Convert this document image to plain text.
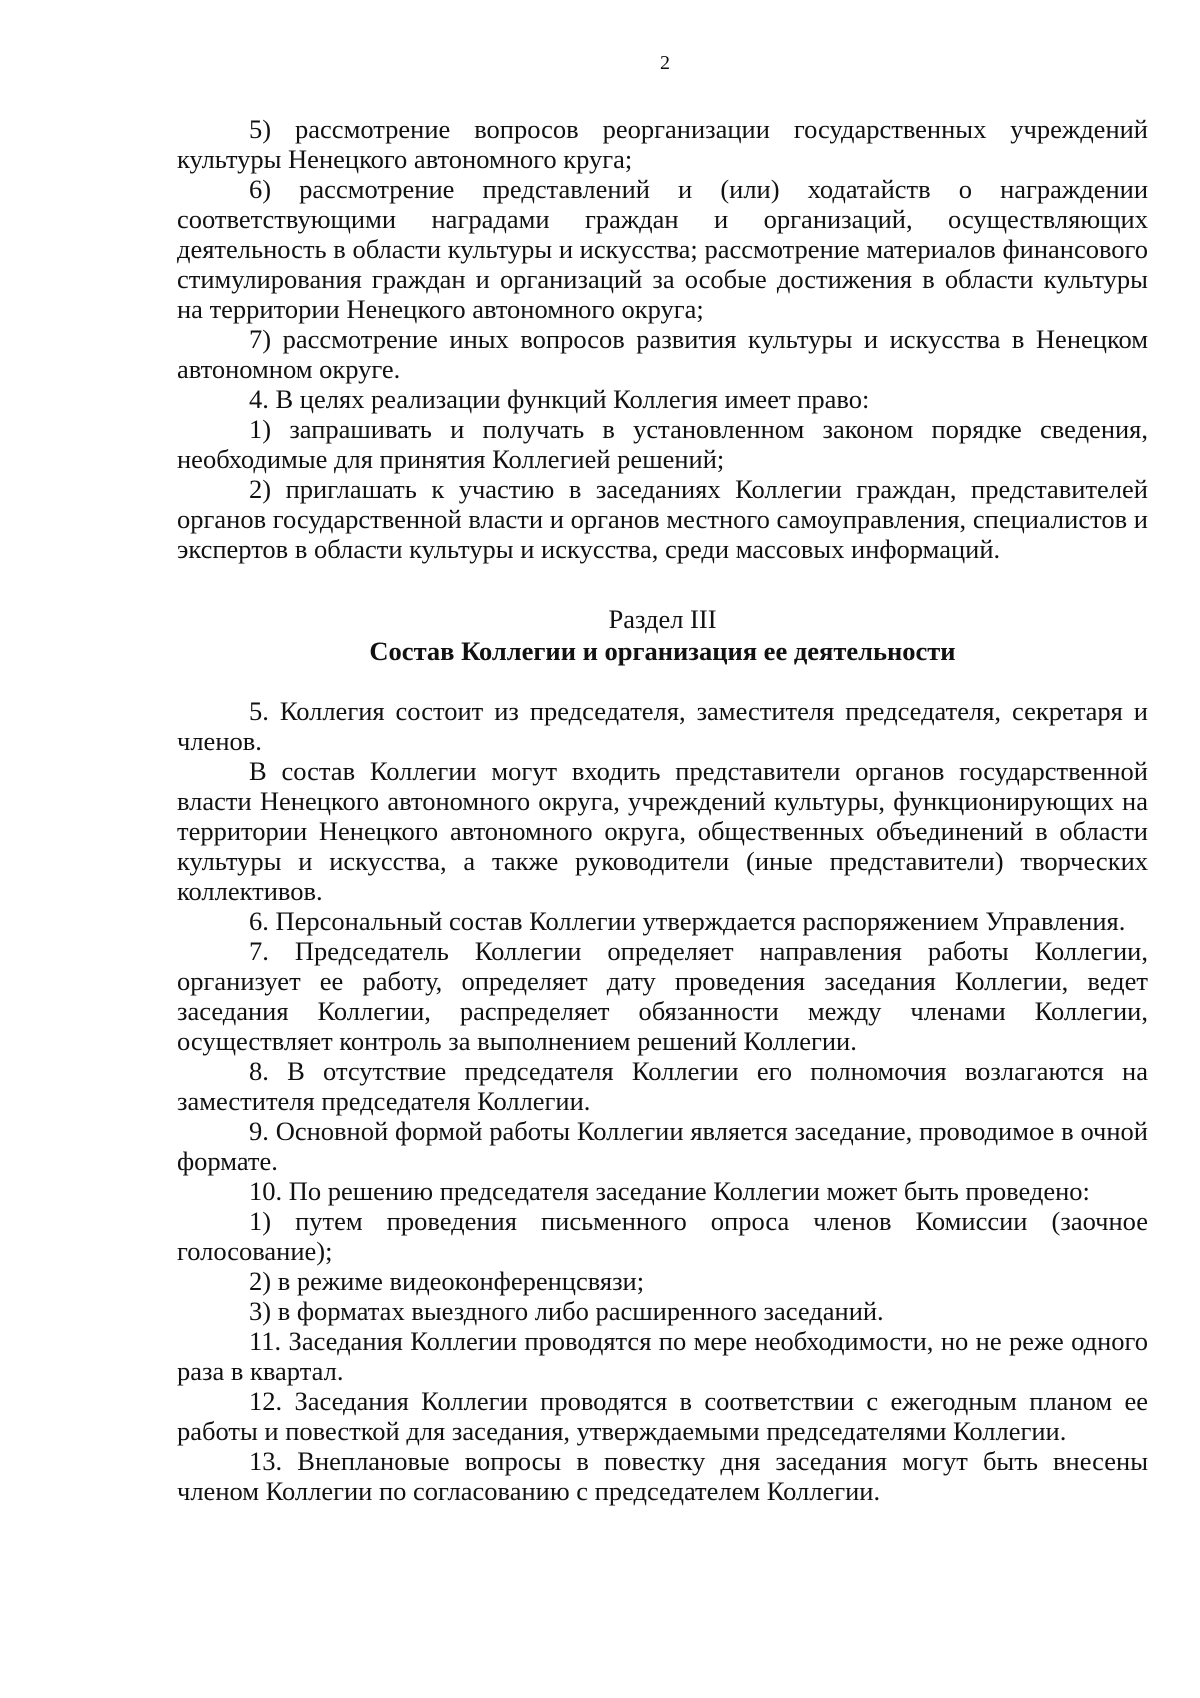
2

5) рассмотрение вопросов реорганизации государственных учреждений культуры Ненецкого автономного круга;

6) рассмотрение представлений и (или) ходатайств о награждении соответствующими наградами граждан и организаций, осуществляющих деятельность в области культуры и искусства; рассмотрение материалов финансового стимулирования граждан и организаций за особые достижения в области культуры на территории Ненецкого автономного округа;

7) рассмотрение иных вопросов развития культуры и искусства в Ненецком автономном округе.

4. В целях реализации функций Коллегия имеет право:

1) запрашивать и получать в установленном законом порядке сведения, необходимые для принятия Коллегией решений;

2) приглашать к участию в заседаниях Коллегии граждан, представителей органов государственной власти и органов местного самоуправления, специалистов и экспертов в области культуры и искусства, среди массовых информаций.

Раздел III

Состав Коллегии и организация ее деятельности

5. Коллегия состоит из председателя, заместителя председателя, секретаря и членов.

В состав Коллегии могут входить представители органов государственной власти Ненецкого автономного округа, учреждений культуры, функционирующих на территории Ненецкого автономного округа, общественных объединений в области культуры и искусства, а также руководители (иные представители) творческих коллективов.

6. Персональный состав Коллегии утверждается распоряжением Управления.

7. Председатель Коллегии определяет направления работы Коллегии, организует ее работу, определяет дату проведения заседания Коллегии, ведет заседания Коллегии, распределяет обязанности между членами Коллегии, осуществляет контроль за выполнением решений Коллегии.

8. В отсутствие председателя Коллегии его полномочия возлагаются на заместителя председателя Коллегии.

9. Основной формой работы Коллегии является заседание, проводимое в очной формате.

10. По решению председателя заседание Коллегии может быть проведено:

1) путем проведения письменного опроса членов Комиссии (заочное голосование);

2) в режиме видеоконференцсвязи;

3) в форматах выездного либо расширенного заседаний.

11. Заседания Коллегии проводятся по мере необходимости, но не реже одного раза в квартал.

12. Заседания Коллегии проводятся в соответствии с ежегодным планом ее работы и повесткой для заседания, утверждаемыми председателями Коллегии.

13. Внеплановые вопросы в повестку дня заседания могут быть внесены членом Коллегии по согласованию с председателем Коллегии.
